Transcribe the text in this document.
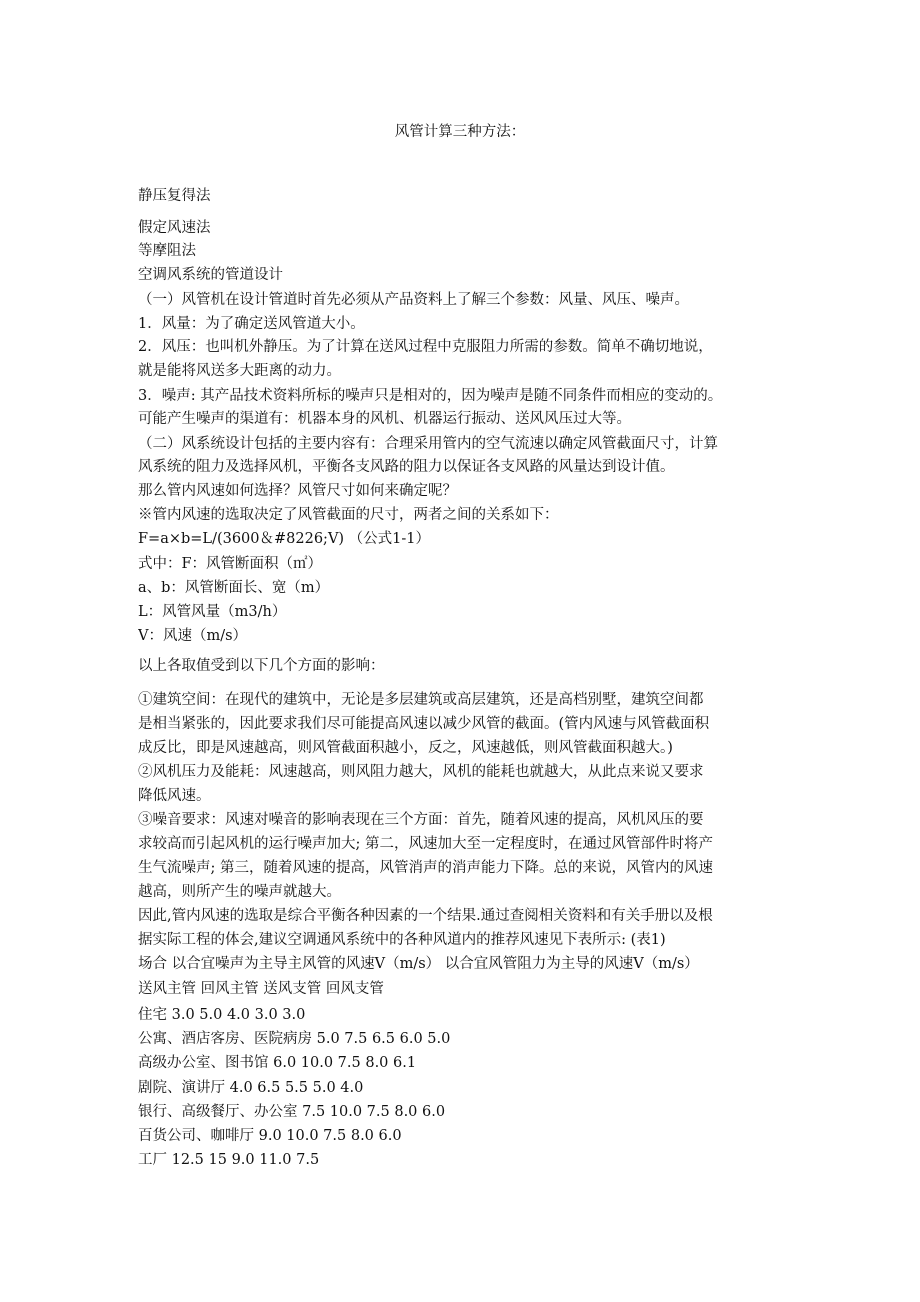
风管计算三种方法：
静压复得法
假定风速法
等摩阻法
空调风系统的管道设计
（一）风管机在设计管道时首先必须从产品资料上了解三个参数：风量、风压、噪声。
1．风量：为了确定送风管道大小。
2．风压：也叫机外静压。为了计算在送风过程中克服阻力所需的参数。简单不确切地说，
就是能将风送多大距离的动力。
3．噪声: 其产品技术资料所标的噪声只是相对的，因为噪声是随不同条件而相应的变动的。
可能产生噪声的渠道有：机器本身的风机、机器运行振动、送风风压过大等。
（二）风系统设计包括的主要内容有：合理采用管内的空气流速以确定风管截面尺寸，计算
风系统的阻力及选择风机，平衡各支风路的阻力以保证各支风路的风量达到设计值。
那么管内风速如何选择？风管尺寸如何来确定呢？
※管内风速的选取决定了风管截面的尺寸，两者之间的关系如下：
F=a×b=L/(3600＆#8226;V) （公式1-1）
式中：F：风管断面积（㎡）
a、b：风管断面长、宽（m）
L：风管风量（m3/h）
V：风速（m/s）
以上各取值受到以下几个方面的影响：
①建筑空间：在现代的建筑中，无论是多层建筑或高层建筑，还是高档别墅，建筑空间都
是相当紧张的，因此要求我们尽可能提高风速以减少风管的截面。(管内风速与风管截面积
成反比，即是风速越高，则风管截面积越小，反之，风速越低，则风管截面积越大。)
②风机压力及能耗：风速越高，则风阻力越大，风机的能耗也就越大，从此点来说又要求
降低风速。
③噪音要求：风速对噪音的影响表现在三个方面：首先，随着风速的提高，风机风压的要
求较高而引起风机的运行噪声加大; 第二，风速加大至一定程度时，在通过风管部件时将产
生气流噪声; 第三，随着风速的提高，风管消声的消声能力下降。总的来说，风管内的风速
越高，则所产生的噪声就越大。
因此,管内风速的选取是综合平衡各种因素的一个结果.通过查阅相关资料和有关手册以及根
据实际工程的体会,建议空调通风系统中的各种风道内的推荐风速见下表所示: (表1)
场合 以合宜噪声为主导主风管的风速V（m/s） 以合宜风管阻力为主导的风速V（m/s）
送风主管 回风主管 送风支管 回风支管
住宅 3.0 5.0 4.0 3.0 3.0
公寓、酒店客房、医院病房 5.0 7.5 6.5 6.0 5.0
高级办公室、图书馆 6.0 10.0 7.5 8.0 6.1
剧院、演讲厅 4.0 6.5 5.5 5.0 4.0
银行、高级餐厅、办公室 7.5 10.0 7.5 8.0 6.0
百货公司、咖啡厅 9.0 10.0 7.5 8.0 6.0
工厂 12.5 15 9.0 11.0 7.5
